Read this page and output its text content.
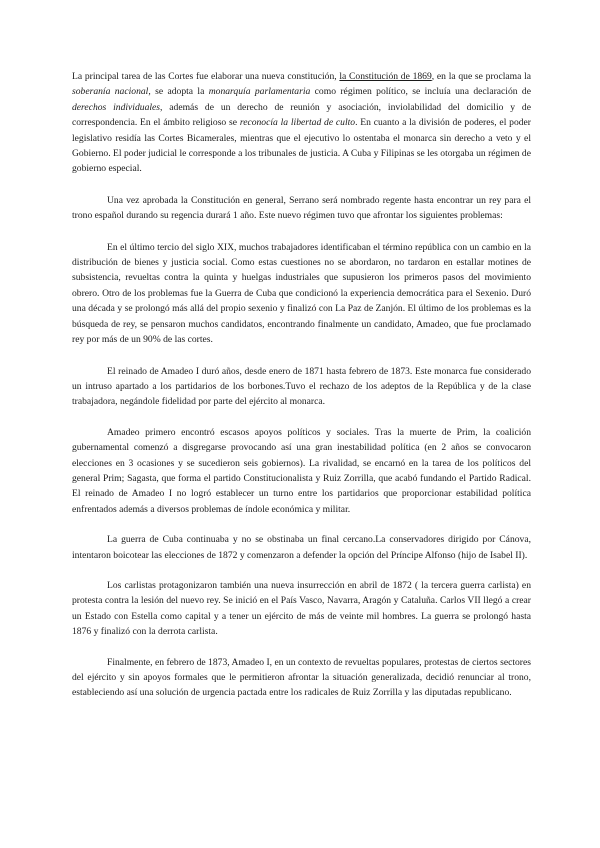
La principal tarea de las Cortes fue elaborar una nueva constitución, la Constitución de 1869, en la que se proclama la soberanía nacional, se adopta la monarquía parlamentaria como régimen político, se incluía una declaración de derechos individuales, además de un derecho de reunión y asociación, inviolabilidad del domicilio y de correspondencia. En el ámbito religioso se reconocía la libertad de culto. En cuanto a la división de poderes, el poder legislativo residía las Cortes Bicamerales, mientras que el ejecutivo lo ostentaba el monarca sin derecho a veto y el Gobierno. El poder judicial le corresponde a los tribunales de justicia. A Cuba y Filipinas se les otorgaba un régimen de gobierno especial.

Una vez aprobada la Constitución en general, Serrano será nombrado regente hasta encontrar un rey para el trono español durando su regencia durará 1 año. Este nuevo régimen tuvo que afrontar los siguientes problemas:

En el último tercio del siglo XIX, muchos trabajadores identificaban el término república con un cambio en la distribución de bienes y justicia social. Como estas cuestiones no se abordaron, no tardaron en estallar motines de subsistencia, revueltas contra la quinta y huelgas industriales que supusieron los primeros pasos del movimiento obrero. Otro de los problemas fue la Guerra de Cuba que condicionó la experiencia democrática para el Sexenio. Duró una década y se prolongó más allá del propio sexenio y finalizó con La Paz de Zanjón. El último de los problemas es la búsqueda de rey, se pensaron muchos candidatos, encontrando finalmente un candidato, Amadeo, que fue proclamado rey por más de un 90% de las cortes.

El reinado de Amadeo I duró años, desde enero de 1871 hasta febrero de 1873. Este monarca fue considerado un intruso apartado a los partidarios de los borbones.Tuvo el rechazo de los adeptos de la República y de la clase trabajadora, negándole fidelidad por parte del ejército al monarca.

Amadeo primero encontró escasos apoyos políticos y sociales. Tras la muerte de Prim, la coalición gubernamental comenzó a disgregarse provocando así una gran inestabilidad política (en 2 años se convocaron elecciones en 3 ocasiones y se sucedieron seis gobiernos). La rivalidad, se encarnó en la tarea de los políticos del general Prim; Sagasta, que forma el partido Constitucionalista y Ruiz Zorrilla, que acabó fundando el Partido Radical. El reinado de Amadeo I no logró establecer un turno entre los partidarios que proporcionar estabilidad política enfrentados además a diversos problemas de índole económica y militar.

La guerra de Cuba continuaba y no se obstinaba un final cercano.La conservadores dirigido por Cánova, intentaron boicotear las elecciones de 1872 y comenzaron a defender la opción del Príncipe Alfonso (hijo de Isabel II).

Los carlistas protagonizaron también una nueva insurrección en abril de 1872 ( la tercera guerra carlista) en protesta contra la lesión del nuevo rey. Se inició en el País Vasco, Navarra, Aragón y Cataluña. Carlos VII llegó a crear un Estado con Estella como capital y a tener un ejército de más de veinte mil hombres. La guerra se prolongó hasta 1876 y finalizó con la derrota carlista.

Finalmente, en febrero de 1873, Amadeo I, en un contexto de revueltas populares, protestas de ciertos sectores del ejército y sin apoyos formales que le permitieron afrontar la situación generalizada, decidió renunciar al trono, estableciendo así una solución de urgencia pactada entre los radicales de Ruiz Zorrilla y las diputadas republicano.
